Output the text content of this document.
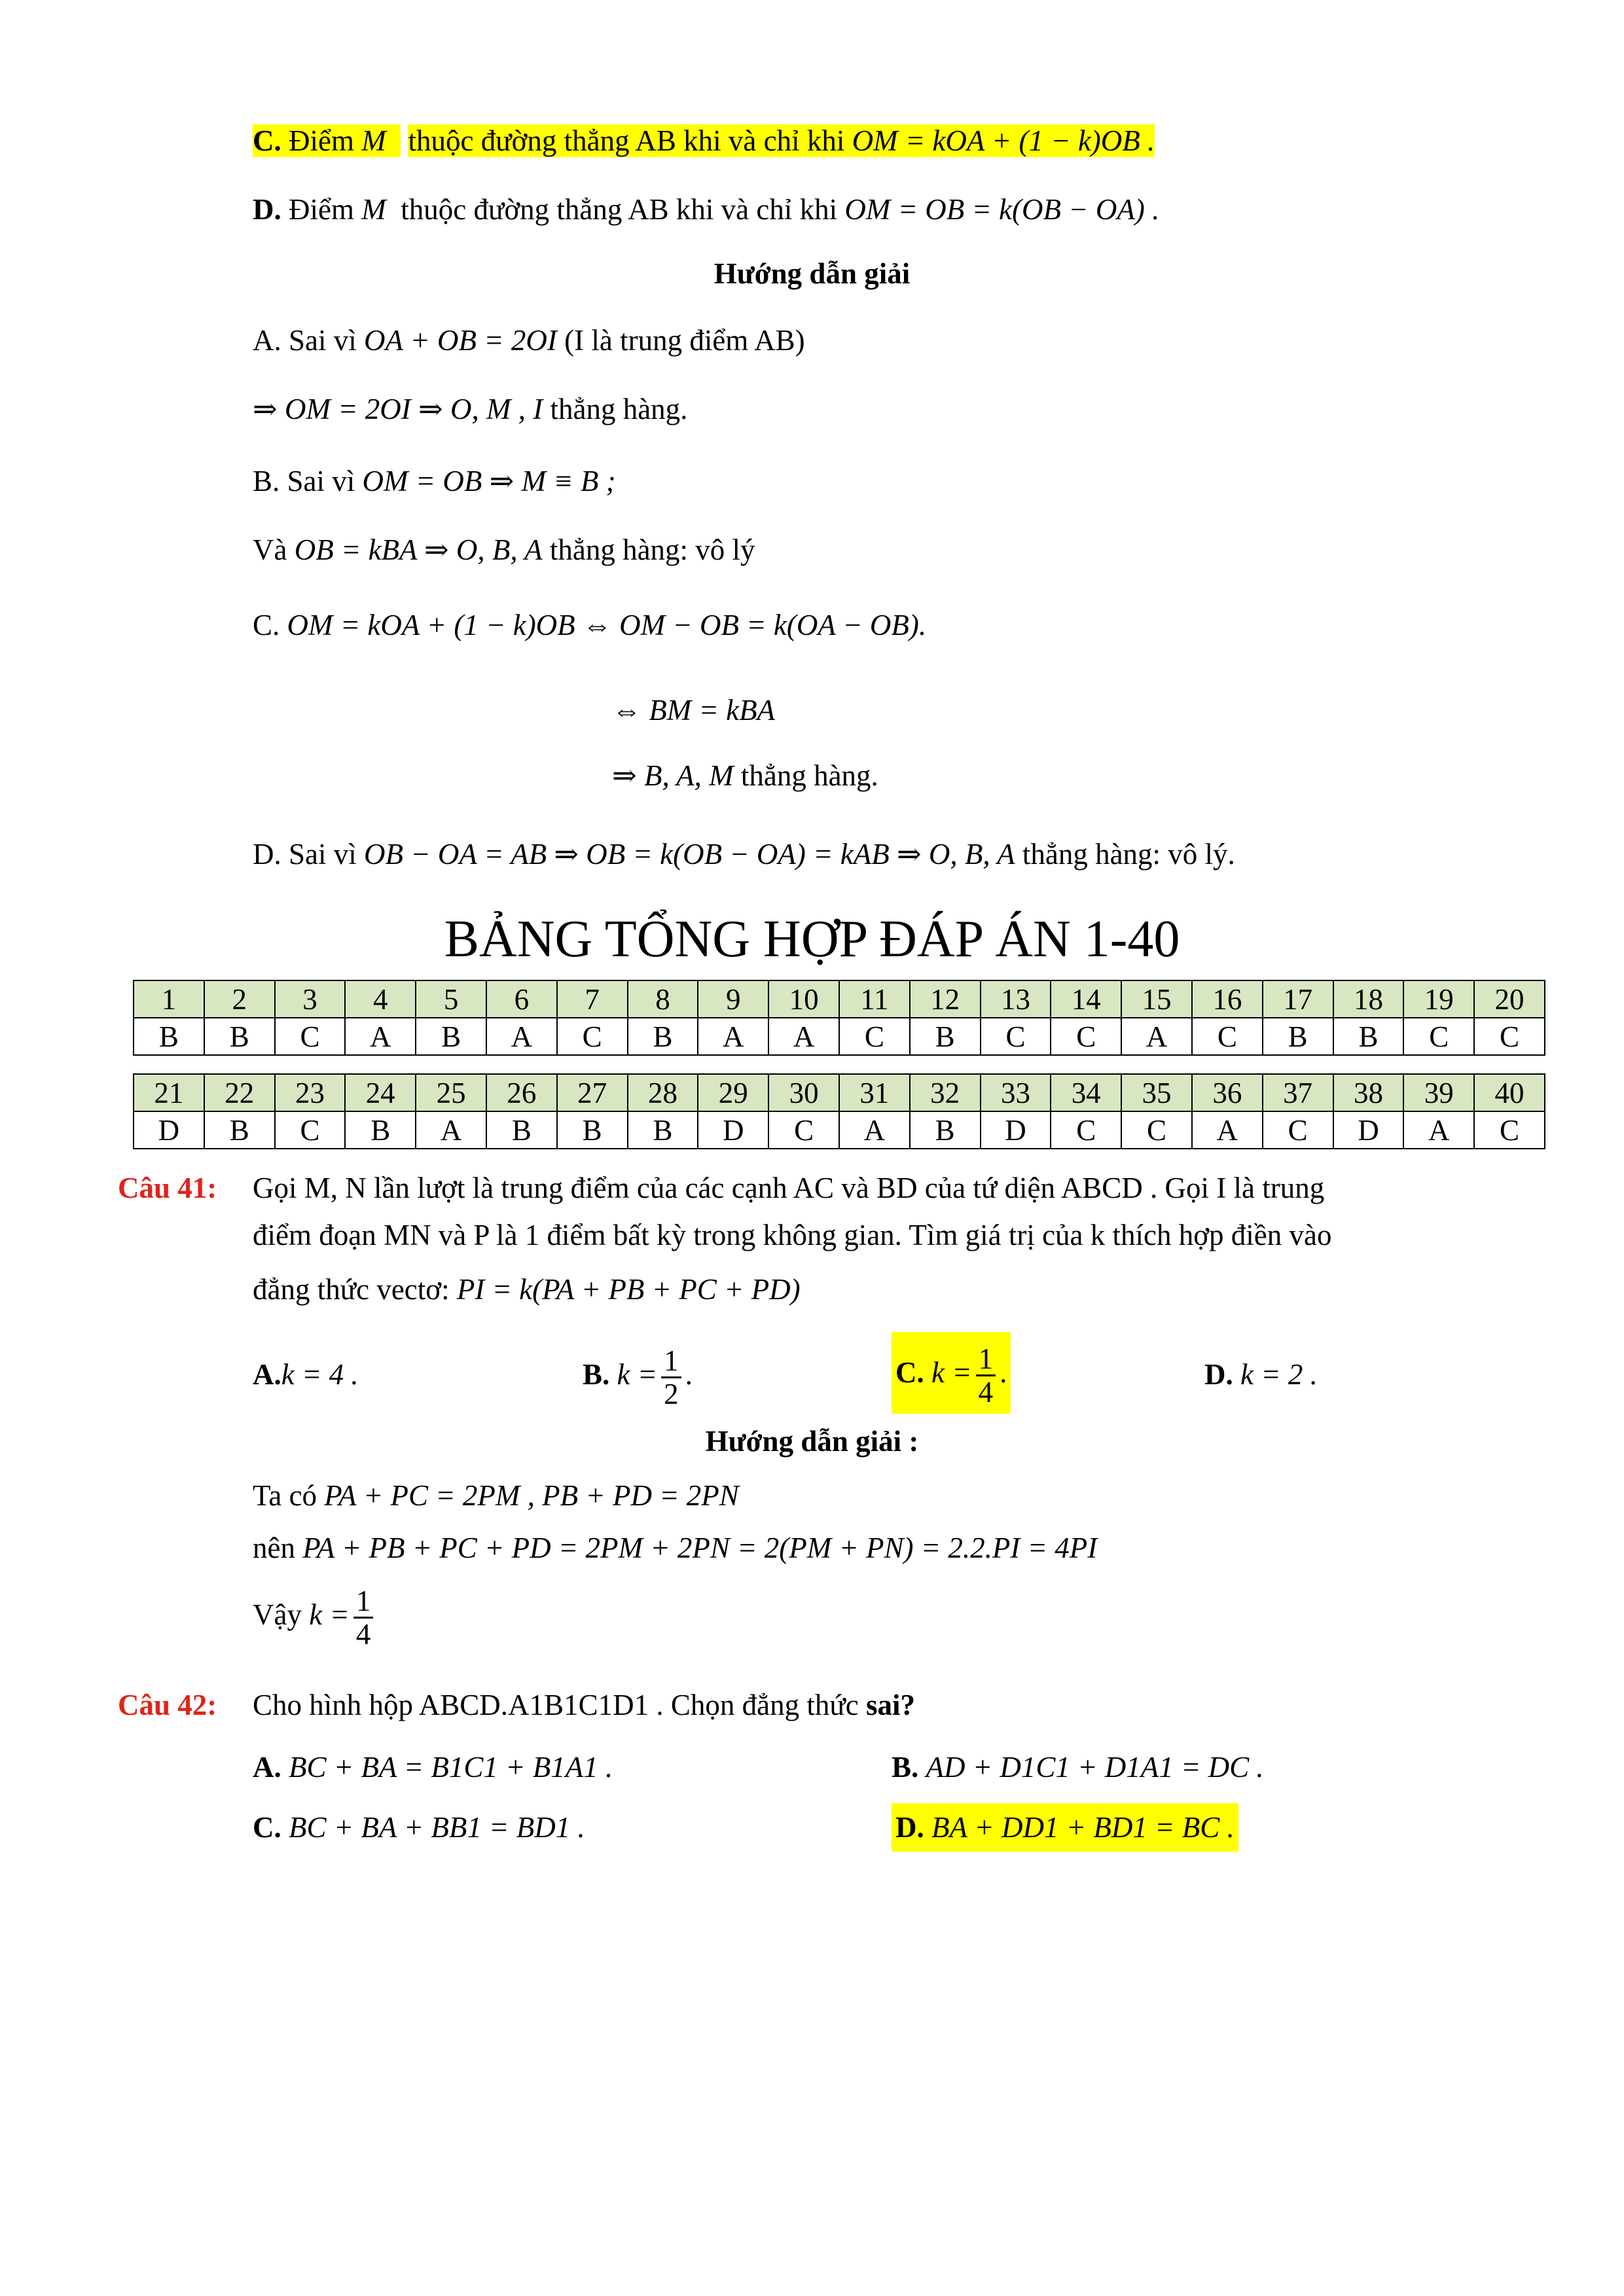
C. Điểm M thuộc đường thẳng AB khi và chỉ khi OM = kOA + (1 − k)OB .
D. Điểm M thuộc đường thẳng AB khi và chỉ khi OM = OB = k(OB − OA) .
Hướng dẫn giải
A. Sai vì OA + OB = 2OI (I là trung điểm AB)
⇒ OM = 2OI ⇒ O, M , I thẳng hàng.
B. Sai vì OM = OB ⇒ M ≡ B ;
Và OB = kBA ⇒ O, B, A thẳng hàng: vô lý
C. OM = kOA + (1 − k)OB ⇔ OM − OB = k(OA − OB).
⇔ BM = kBA
⇒ B, A, M thẳng hàng.
D. Sai vì OB − OA = AB ⇒ OB = k(OB − OA) = kAB ⇒ O, B, A thẳng hàng: vô lý.
BẢNG TỔNG HỢP ĐÁP ÁN 1-40
1	2	3	4	5	6	7	8	9	10	11	12	13	14	15	16	17	18	19	20
B	B	C	A	B	A	C	B	A	A	C	B	C	C	A	C	B	B	C	C
21	22	23	24	25	26	27	28	29	30	31	32	33	34	35	36	37	38	39	40
D	B	C	B	A	B	B	B	D	C	A	B	D	C	C	A	C	D	A	C
Câu 41: Gọi M, N lần lượt là trung điểm của các cạnh AC và BD của tứ diện ABCD . Gọi I là trung
điểm đoạn MN và P là 1 điểm bất kỳ trong không gian. Tìm giá trị của k thích hợp điền vào
đẳng thức vectơ: PI = k(PA + PB + PC + PD)
A.k = 4 .	B. $k = \frac{1}{2}$ .	C. $k = \frac{1}{4}$ .	D. k = 2 .
Hướng dẫn giải :
Ta có PA + PC = 2PM , PB + PD = 2PN
nên PA + PB + PC + PD = 2PM + 2PN = 2(PM + PN) = 2.2.PI = 4PI
Vậy $k = \frac{1}{4}$
Câu 42: Cho hình hộp ABCD.A1B1C1D1 . Chọn đẳng thức sai?
A. BC + BA = B1C1 + B1A1 .	B. AD + D1C1 + D1A1 = DC .
C. BC + BA + BB1 = BD1 .	D. BA + DD1 + BD1 = BC .
